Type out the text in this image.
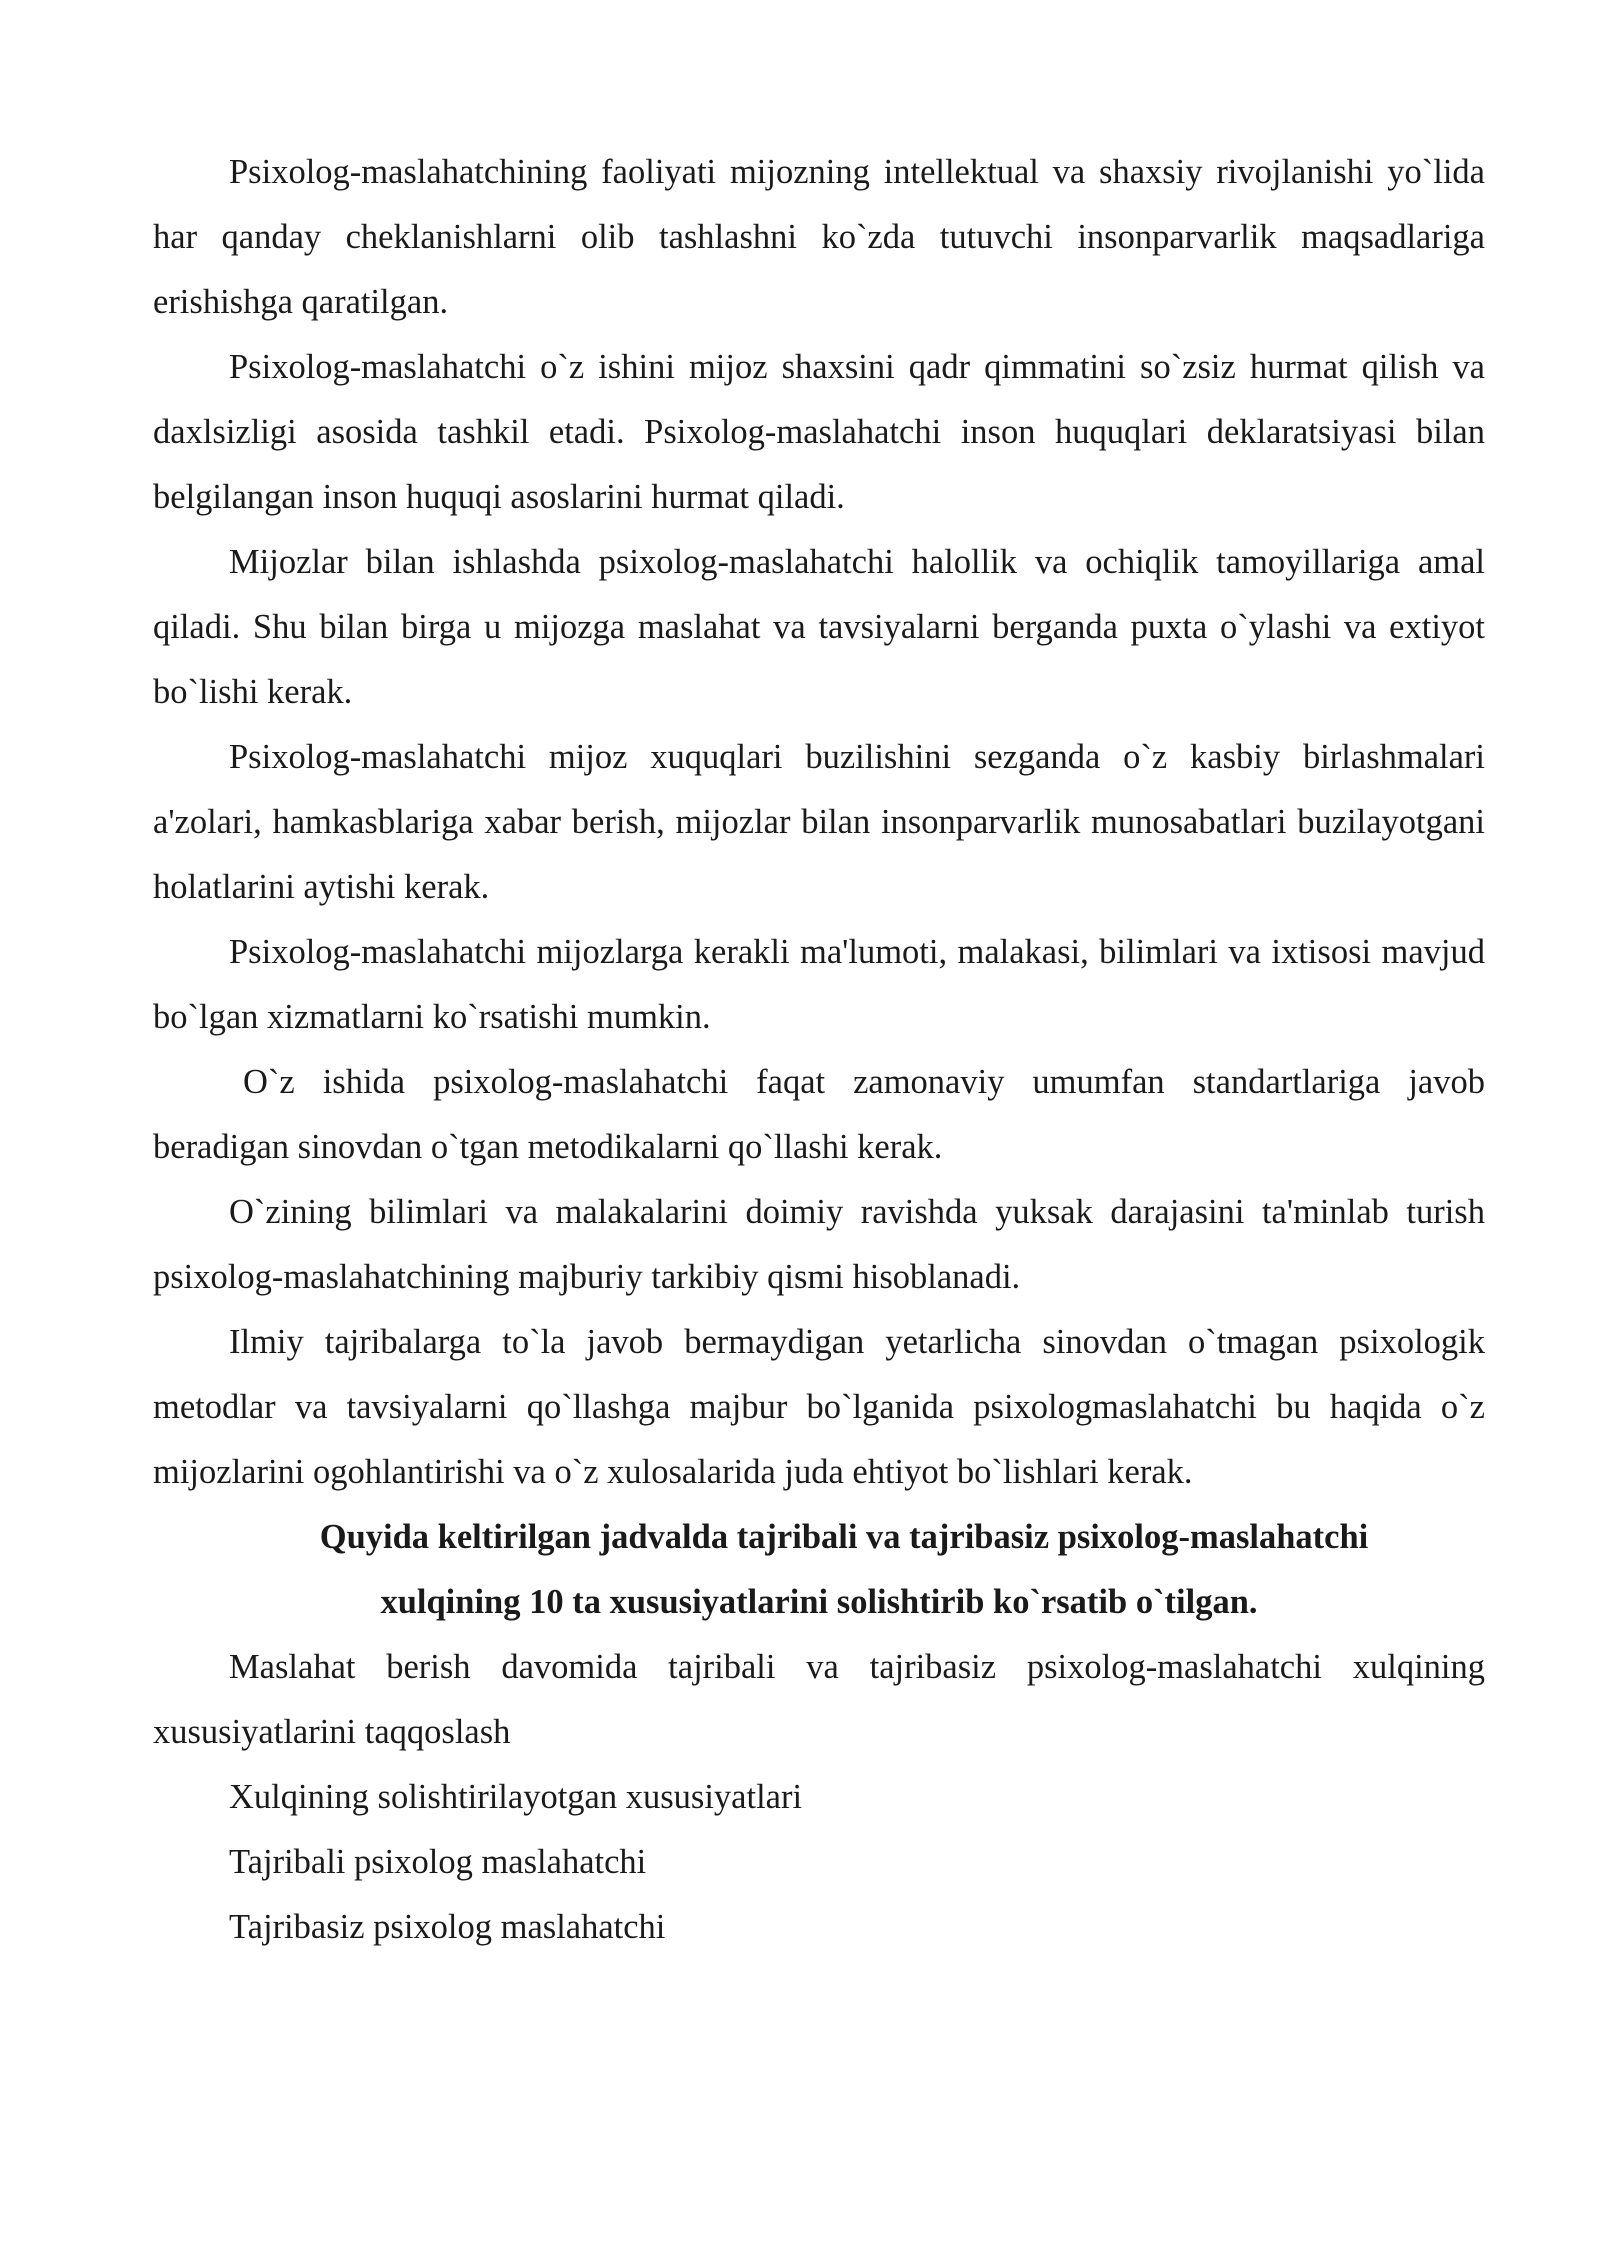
Psixolog-maslahatchining faoliyati mijozning intellektual va shaxsiy rivojlanishi yo`lida har qanday cheklanishlarni olib tashlashni ko`zda tutuvchi insonparvarlik maqsadlariga erishishga qaratilgan.

Psixolog-maslahatchi o`z ishini mijoz shaxsini qadr qimmatini so`zsiz hurmat qilish va daxlsizligi asosida tashkil etadi. Psixolog-maslahatchi inson huquqlari deklaratsiyasi bilan belgilangan inson huquqi asoslarini hurmat qiladi.

Mijozlar bilan ishlashda psixolog-maslahatchi halollik va ochiqlik tamoyillariga amal qiladi. Shu bilan birga u mijozga maslahat va tavsiyalarni berganda puxta o`ylashi va extiyot bo`lishi kerak.

Psixolog-maslahatchi mijoz xuquqlari buzilishini sezganda o`z kasbiy birlashmalari a'zolari, hamkasblariga xabar berish, mijozlar bilan insonparvarlik munosabatlari buzilayotgani holatlarini aytishi kerak.

Psixolog-maslahatchi mijozlarga kerakli ma'lumoti, malakasi, bilimlari va ixtisosi mavjud bo`lgan xizmatlarni ko`rsatishi mumkin.

O`z ishida psixolog-maslahatchi faqat zamonaviy umumfan standartlariga javob beradigan sinovdan o`tgan metodikalarni qo`llashi kerak.

O`zining bilimlari va malakalarini doimiy ravishda yuksak darajasini ta'minlab turish psixolog-maslahatchining majburiy tarkibiy qismi hisoblanadi.

Ilmiy tajribalarga to`la javob bermaydigan yetarlicha sinovdan o`tmagan psixologik metodlar va tavsiyalarni qo`llashga majbur bo`lganida psixologmaslahatchi bu haqida o`z mijozlarini ogohlantirishi va o`z xulosalarida juda ehtiyot bo`lishlari kerak.

Quyida keltirilgan jadvalda tajribali va tajribasiz psixolog-maslahatchi
xulqining 10 ta xususiyatlarini solishtirib ko`rsatib o`tilgan.

Maslahat berish davomida tajribali va tajribasiz psixolog-maslahatchi xulqining xususiyatlarini taqqoslash

Xulqining solishtirilayotgan xususiyatlari

Tajribali psixolog maslahatchi

Tajribasiz psixolog maslahatchi
